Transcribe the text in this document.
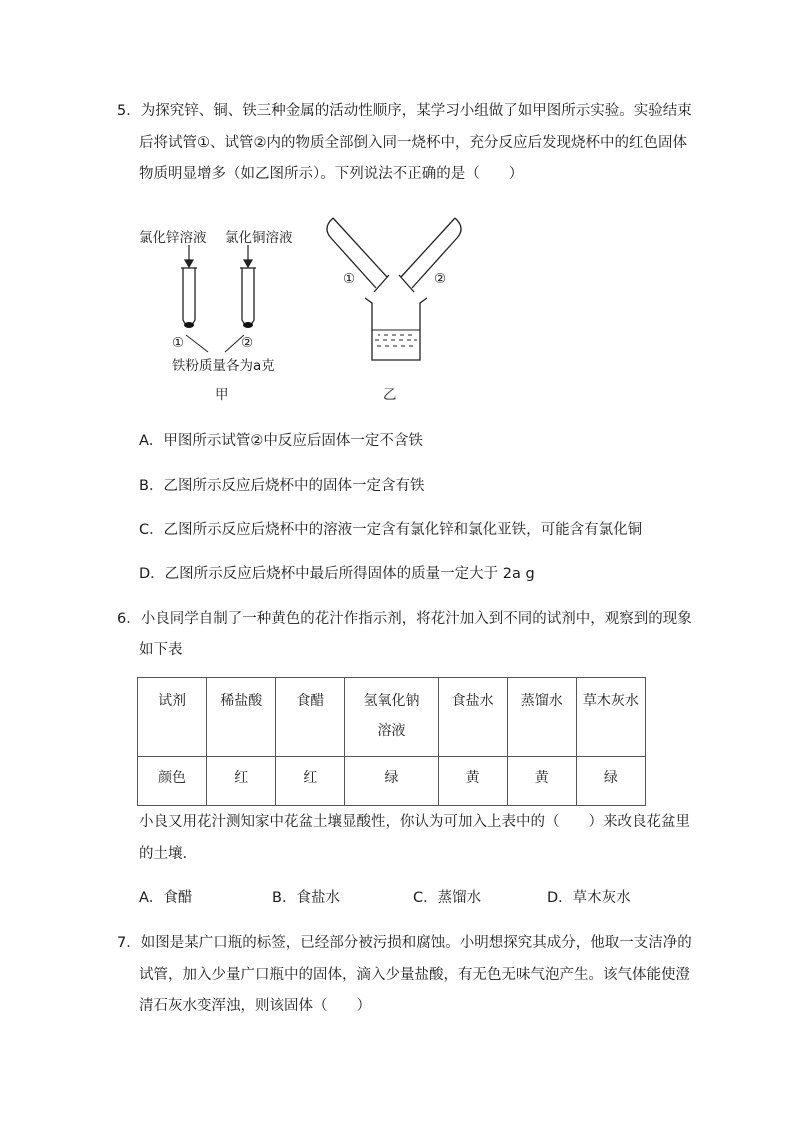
5．为探究锌、铜、铁三种金属的活动性顺序，某学习小组做了如甲图所示实验。实验结束
后将试管①、试管②内的物质全部倒入同一烧杯中，充分反应后发现烧杯中的红色固体
物质明显增多（如乙图所示）。下列说法不正确的是（　　）
氯化锌溶液 氯化铜溶液
①	②
铁粉质量各为a克
甲
①	②
乙
A．甲图所示试管②中反应后固体一定不含铁
B．乙图所示反应后烧杯中的固体一定含有铁
C．乙图所示反应后烧杯中的溶液一定含有氯化锌和氯化亚铁，可能含有氯化铜
D．乙图所示反应后烧杯中最后所得固体的质量一定大于 2a g
6．小良同学自制了一种黄色的花汁作指示剂，将花汁加入到不同的试剂中，观察到的现象
如下表
试剂	稀盐酸	食醋	氢氧化钠溶液	食盐水	蒸馏水	草木灰水
颜色	红	红	绿	黄	黄	绿
小良又用花汁测知家中花盆土壤显酸性，你认为可加入上表中的（　　）来改良花盆里
的土壤．
A．食醋	B．食盐水	C．蒸馏水	D．草木灰水
7．如图是某广口瓶的标签，已经部分被污损和腐蚀。小明想探究其成分，他取一支洁净的
试管，加入少量广口瓶中的固体，滴入少量盐酸，有无色无味气泡产生。该气体能使澄
清石灰水变浑浊，则该固体（　　）
